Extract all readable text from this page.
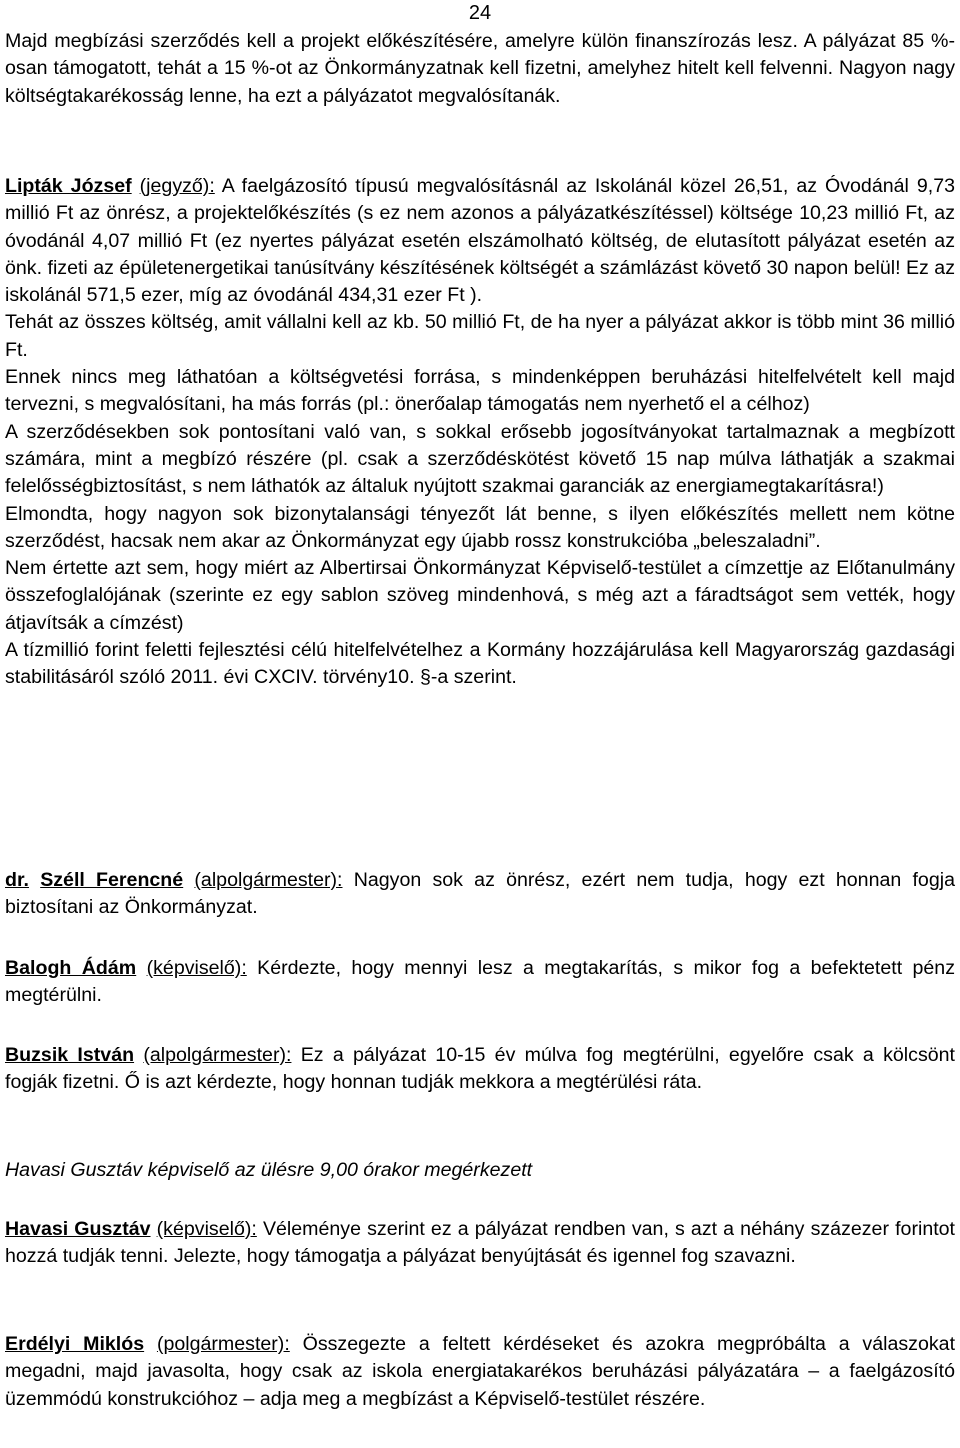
24

Majd megbízási szerződés kell a projekt előkészítésére, amelyre külön finanszírozás lesz. A pályázat 85 %-osan támogatott, tehát a 15 %-ot az Önkormányzatnak kell fizetni, amelyhez hitelt kell felvenni. Nagyon nagy költségtakarékosság lenne, ha ezt a pályázatot megvalósítanák.

Lipták József (jegyző): A faelgázosító típusú megvalósításnál az Iskolánál közel 26,51, az Óvodánál 9,73 millió Ft az önrész, a projektelőkészítés (s ez nem azonos a pályázatkészítéssel) költsége 10,23 millió Ft, az óvodánál 4,07 millió Ft (ez nyertes pályázat esetén elszámolható költség, de elutasított pályázat esetén az önk. fizeti az épületenergetikai tanúsítvány készítésének költségét a számlázást követő 30 napon belül! Ez az iskolánál 571,5 ezer, míg az óvodánál 434,31 ezer Ft ).

Tehát az összes költség, amit vállalni kell az kb. 50 millió Ft, de ha nyer a pályázat akkor is több mint 36 millió Ft.

Ennek nincs meg láthatóan a költségvetési forrása, s mindenképpen beruházási hitelfelvételt kell majd tervezni, s megvalósítani, ha más forrás (pl.: önerőalap támogatás nem nyerhető el a célhoz)

A szerződésekben sok pontosítani való van, s sokkal erősebb jogosítványokat tartalmaznak a megbízott számára, mint a megbízó részére (pl. csak a szerződéskötést követő 15 nap múlva láthatják a szakmai felelősségbiztosítást, s nem láthatók az általuk nyújtott szakmai garanciák az energiamegtakarításra!)

Elmondta, hogy nagyon sok bizonytalansági tényezőt lát benne, s ilyen előkészítés mellett nem kötne szerződést, hacsak nem akar az Önkormányzat egy újabb rossz konstrukcióba „beleszaladni”.

Nem értette azt sem, hogy miért az Albertirsai Önkormányzat Képviselő-testület a címzettje az Előtanulmány összefoglalójának (szerinte ez egy sablon szöveg mindenhová, s még azt a fáradtságot sem vették, hogy átjavítsák a címzést)

A tízmillió forint feletti fejlesztési célú hitelfelvételhez a Kormány hozzájárulása kell Magyarország gazdasági stabilitásáról szóló 2011. évi CXCIV. törvény10. §-a szerint.

dr. Széll Ferencné (alpolgármester): Nagyon sok az önrész, ezért nem tudja, hogy ezt honnan fogja biztosítani az Önkormányzat.

Balogh Ádám (képviselő): Kérdezte, hogy mennyi lesz a megtakarítás, s mikor fog a befektetett pénz megtérülni.

Buzsik István (alpolgármester): Ez a pályázat 10-15 év múlva fog megtérülni, egyelőre csak a kölcsönt fogják fizetni. Ő is azt kérdezte, hogy honnan tudják mekkora a megtérülési ráta.

Havasi Gusztáv képviselő az ülésre 9,00 órakor megérkezett

Havasi Gusztáv (képviselő): Véleménye szerint ez a pályázat rendben van, s azt a néhány százezer forintot hozzá tudják tenni. Jelezte, hogy támogatja a pályázat benyújtását és igennel fog szavazni.

Erdélyi Miklós (polgármester): Összegezte a feltett kérdéseket és azokra megpróbálta a válaszokat megadni, majd javasolta, hogy csak az iskola energiatakarékos beruházási pályázatára – a faelgázosító üzemmódú konstrukcióhoz – adja meg a megbízást a Képviselő-testület részére.
